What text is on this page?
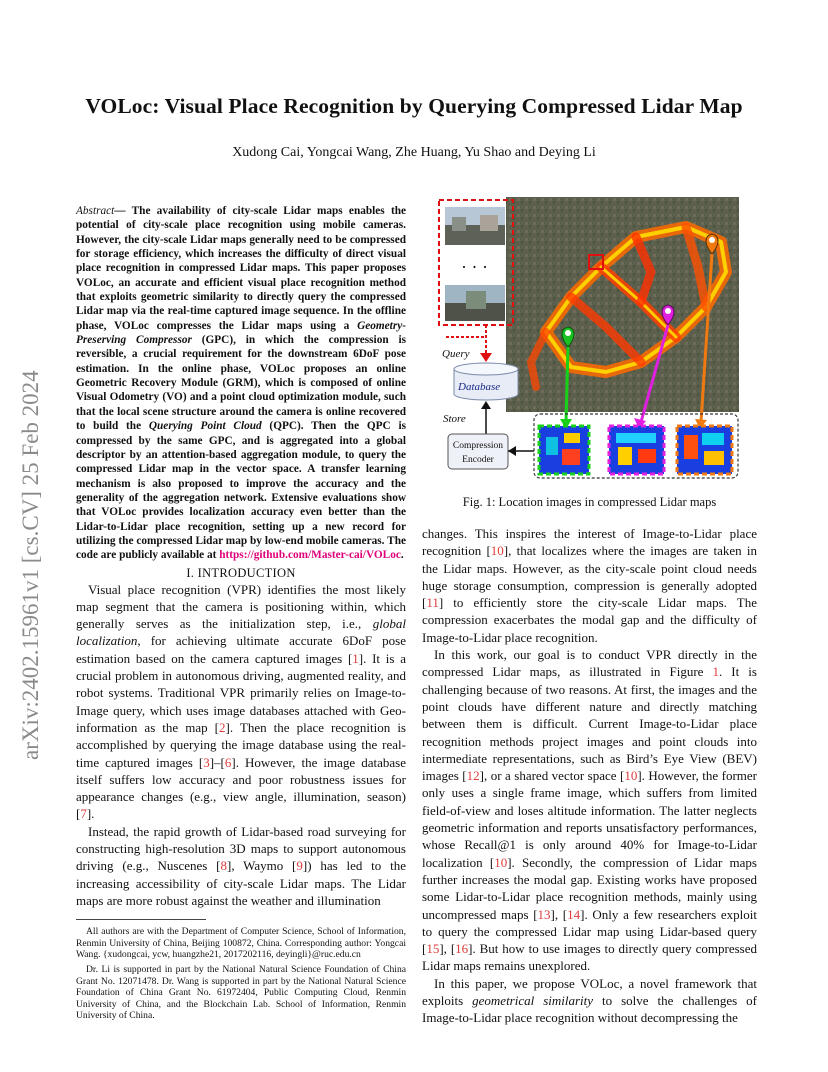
VOLoc: Visual Place Recognition by Querying Compressed Lidar Map
Xudong Cai, Yongcai Wang, Zhe Huang, Yu Shao and Deying Li
arXiv:2402.15961v1 [cs.CV] 25 Feb 2024
Abstract— The availability of city-scale Lidar maps enables the potential of city-scale place recognition using mobile cameras. However, the city-scale Lidar maps generally need to be compressed for storage efficiency, which increases the difficulty of direct visual place recognition in compressed Lidar maps. This paper proposes VOLoc, an accurate and efficient visual place recognition method that exploits geometric similarity to directly query the compressed Lidar map via the real-time captured image sequence. In the offline phase, VOLoc compresses the Lidar maps using a Geometry-Preserving Compressor (GPC), in which the compression is reversible, a crucial requirement for the downstream 6DoF pose estimation. In the online phase, VOLoc proposes an online Geometric Recovery Module (GRM), which is composed of online Visual Odometry (VO) and a point cloud optimization module, such that the local scene structure around the camera is online recovered to build the Querying Point Cloud (QPC). Then the QPC is compressed by the same GPC, and is aggregated into a global descriptor by an attention-based aggregation module, to query the compressed Lidar map in the vector space. A transfer learning mechanism is also proposed to improve the accuracy and the generality of the aggregation network. Extensive evaluations show that VOLoc provides localization accuracy even better than the Lidar-to-Lidar place recognition, setting up a new record for utilizing the compressed Lidar map by low-end mobile cameras. The code are publicly available at https://github.com/Master-cai/VOLoc.
I. INTRODUCTION

Visual place recognition (VPR) identifies the most likely map segment that the camera is positioning within, which generally serves as the initialization step, i.e., global localization, for achieving ultimate accurate 6DoF pose estimation based on the camera captured images [1]. It is a crucial problem in autonomous driving, augmented reality, and robot systems. Traditional VPR primarily relies on Image-to-Image query, which uses image databases attached with Geo-information as the map [2]. Then the place recognition is accomplished by querying the image database using the real-time captured images [3]–[6]. However, the image database itself suffers low accuracy and poor robustness issues for appearance changes (e.g., view angle, illumination, season) [7].

Instead, the rapid growth of Lidar-based road surveying for constructing high-resolution 3D maps to support autonomous driving (e.g., Nuscenes [8], Waymo [9]) has led to the increasing accessibility of city-scale Lidar maps. The Lidar maps are more robust against the weather and illumination

All authors are with the Department of Computer Science, School of Information, Renmin University of China, Beijing 100872, China. Corresponding author: Yongcai Wang. {xudongcai, ycw, huangzhe21, 2017202116, deyingli}@ruc.edu.cn

Dr. Li is supported in part by the National Natural Science Foundation of China Grant No. 12071478. Dr. Wang is supported in part by the National Natural Science Foundation of China Grant No. 61972404, Public Computing Cloud, Renmin University of China, and the Blockchain Lab. School of Information, Renmin University of China.

· · ·
Query
Database
Store
Compression
Encoder
Fig. 1: Location images in compressed Lidar maps

changes. This inspires the interest of Image-to-Lidar place recognition [10], that localizes where the images are taken in the Lidar maps. However, as the city-scale point cloud needs huge storage consumption, compression is generally adopted [11] to efficiently store the city-scale Lidar maps. The compression exacerbates the modal gap and the difficulty of Image-to-Lidar place recognition.

In this work, our goal is to conduct VPR directly in the compressed Lidar maps, as illustrated in Figure 1. It is challenging because of two reasons. At first, the images and the point clouds have different nature and directly matching between them is difficult. Current Image-to-Lidar place recognition methods project images and point clouds into intermediate representations, such as Bird’s Eye View (BEV) images [12], or a shared vector space [10]. However, the former only uses a single frame image, which suffers from limited field-of-view and loses altitude information. The latter neglects geometric information and reports unsatisfactory performances, whose Recall@1 is only around 40% for Image-to-Lidar localization [10]. Secondly, the compression of Lidar maps further increases the modal gap. Existing works have proposed some Lidar-to-Lidar place recognition methods, mainly using uncompressed maps [13], [14]. Only a few researchers exploit to query the compressed Lidar map using Lidar-based query [15], [16]. But how to use images to directly query compressed Lidar maps remains unexplored.

In this paper, we propose VOLoc, a novel framework that exploits geometrical similarity to solve the challenges of Image-to-Lidar place recognition without decompressing the
